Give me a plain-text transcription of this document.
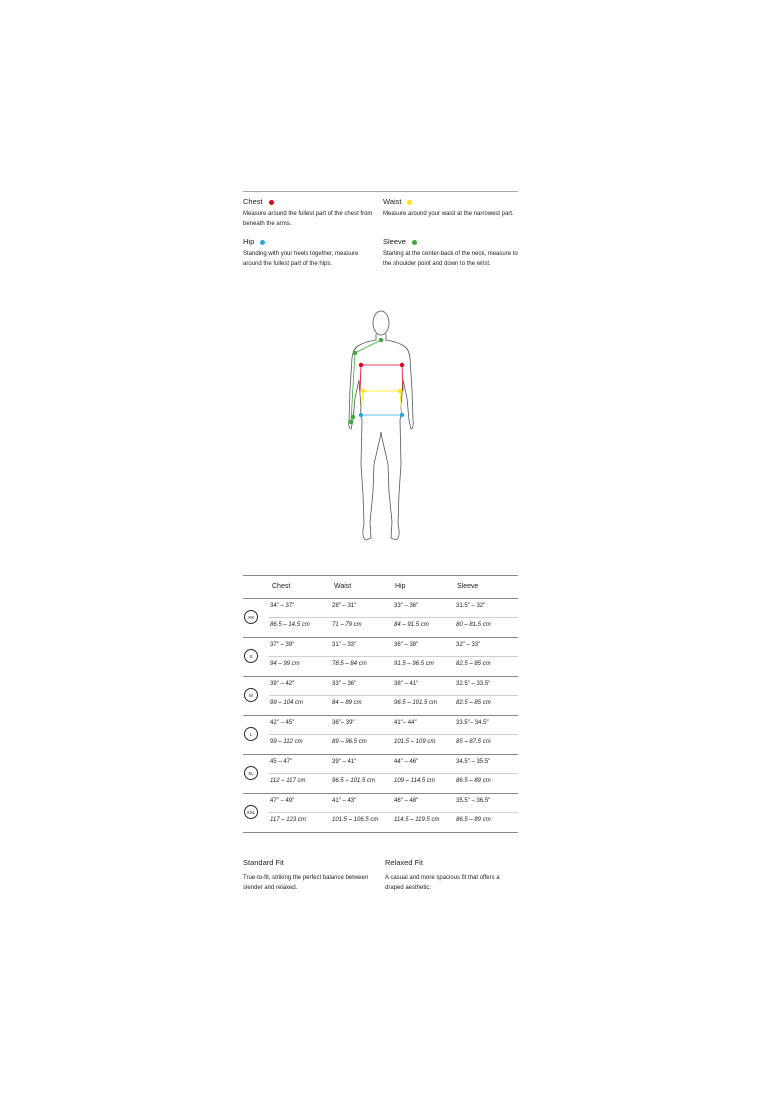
Chest
Measure around the fullest part of the chest from beneath the arms.
Waist
Measure around your waist at the narrowest part.
Hip
Standing with your heels together, measure around the fullest part of the hips.
Sleeve
Starting at the center-back of the neck, measure to the shoulder point and down to the wrist.
Chest	Waist	Hip	Sleeve
XS
34″ – 37″	28″ – 31″	33″ – 36″	31.5″ – 32″
86.5 – 14.5 cm	71 – 79 cm	84 – 91.5 cm	80 – 81.5 cm
S
37″ – 39″	31″ – 33″	36″ – 38″	32″ – 33″
94 – 99 cm	78.5 – 84 cm	91.5 – 96.5 cm	82.5 – 85 cm
M
39″ – 42″	33″ – 36″	38″ – 41″	32.5″ – 33.5″
99 – 104 cm	84 – 89 cm	96.5 – 101.5 cm	82.5 – 85 cm
L
42″ – 45″	36″– 39″	41″– 44″	33.5″– 34.5″
99 – 112 cm	89 – 96.5 cm	101.5 – 109 cm	85 – 87.5 cm
XL
45 – 47″	39″ – 41″	44″ – 46″	34.5″ – 35.5″
112 – 117 cm	96.5 – 101.5 cm	109 – 114.5 cm	86.5 – 89 cm
XXL
47″ – 49″	41″ – 43″	46″ – 48″	35.5″ – 36.5″
117 – 123 cm	101.5 – 106.5 cm	114.5 – 119.5 cm	86.5 – 89 cm
Standard Fit
True-to-fit, striking the perfect balance between slender and relaxed.
Relaxed Fit
A casual and more spacious fit that offers a draped aesthetic.
